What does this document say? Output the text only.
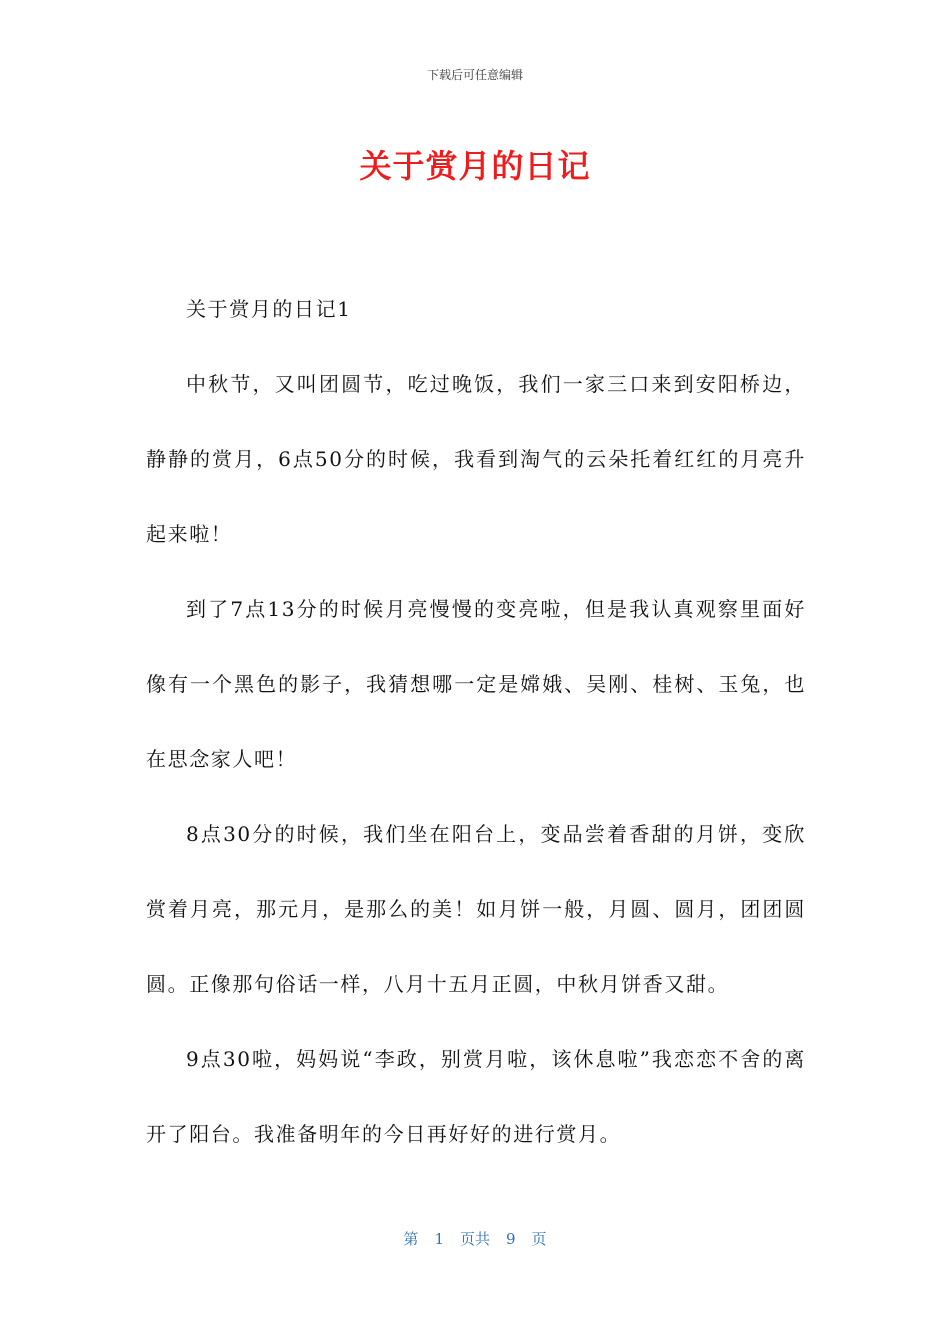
下载后可任意编辑
关于赏月的日记

关于赏月的日记1

中秋节，又叫团圆节，吃过晚饭，我们一家三口来到安阳桥边，静静的赏月，6点50分的时候，我看到淘气的云朵托着红红的月亮升起来啦！

到了7点13分的时候月亮慢慢的变亮啦，但是我认真观察里面好像有一个黑色的影子，我猜想哪一定是嫦娥、吴刚、桂树、玉兔，也在思念家人吧！

8点30分的时候，我们坐在阳台上，变品尝着香甜的月饼，变欣赏着月亮，那元月，是那么的美！如月饼一般，月圆、圆月，团团圆圆。正像那句俗话一样，八月十五月正圆，中秋月饼香又甜。

9点30啦，妈妈说“李政，别赏月啦，该休息啦”我恋恋不舍的离开了阳台。我准备明年的今日再好好的进行赏月。

第 1 页共 9 页
